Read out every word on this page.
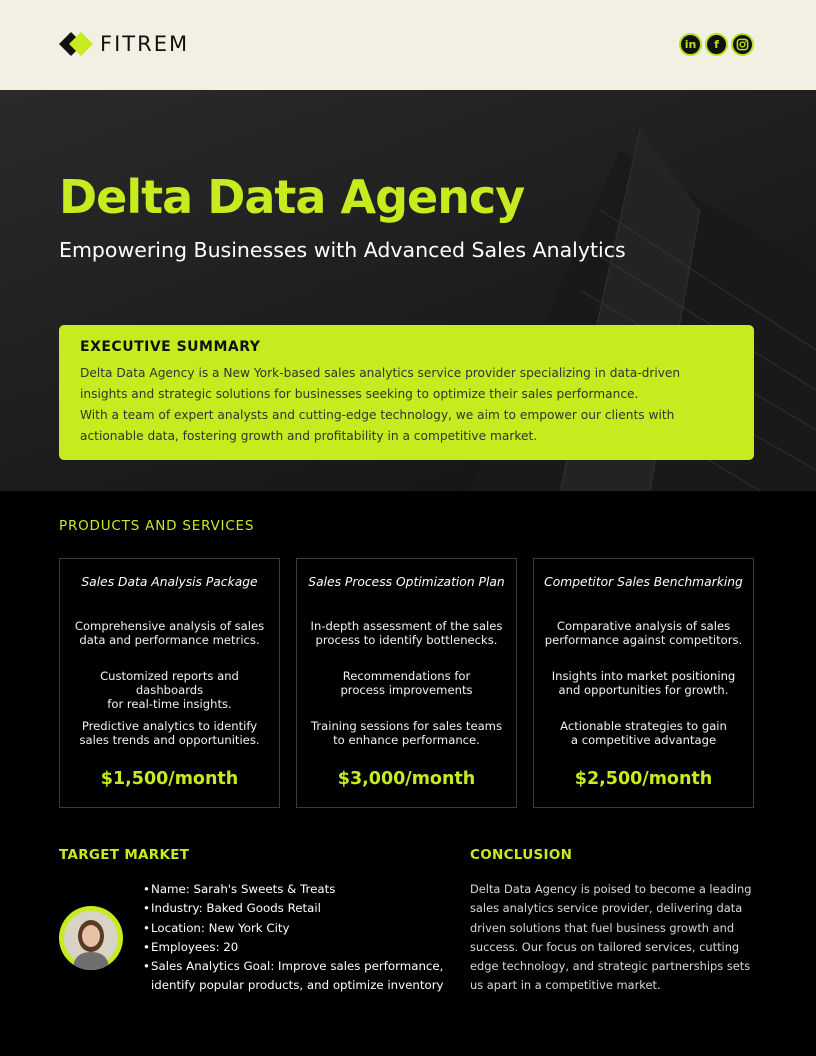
FITREM	in f
Delta Data Agency
Empowering Businesses with Advanced Sales Analytics
EXECUTIVE SUMMARY

Delta Data Agency is a New York-based sales analytics service provider specializing in data-driven
insights and strategic solutions for businesses seeking to optimize their sales performance.
With a team of expert analysts and cutting-edge technology, we aim to empower our clients with
actionable data, fostering growth and profitability in a competitive market.

PRODUCTS AND SERVICES
Sales Data Analysis Package
Comprehensive analysis of sales
data and performance metrics.
Customized reports and dashboards
for real-time insights.
Predictive analytics to identify
sales trends and opportunities.
$1,500/month
Sales Process Optimization Plan
In-depth assessment of the sales
process to identify bottlenecks.
Recommendations for
process improvements
Training sessions for sales teams
to enhance performance.
$3,000/month
Competitor Sales Benchmarking
Comparative analysis of sales
performance against competitors.
Insights into market positioning
and opportunities for growth.
Actionable strategies to gain
a competitive advantage
$2,500/month
TARGET MARKET
•Name: Sarah's Sweets & Treats
•Industry: Baked Goods Retail
•Location: New York City
•Employees: 20
•Sales Analytics Goal: Improve sales performance,
identify popular products, and optimize inventory
CONCLUSION
Delta Data Agency is poised to become a leading
sales analytics service provider, delivering data
driven solutions that fuel business growth and
success. Our focus on tailored services, cutting
edge technology, and strategic partnerships sets
us apart in a competitive market.
